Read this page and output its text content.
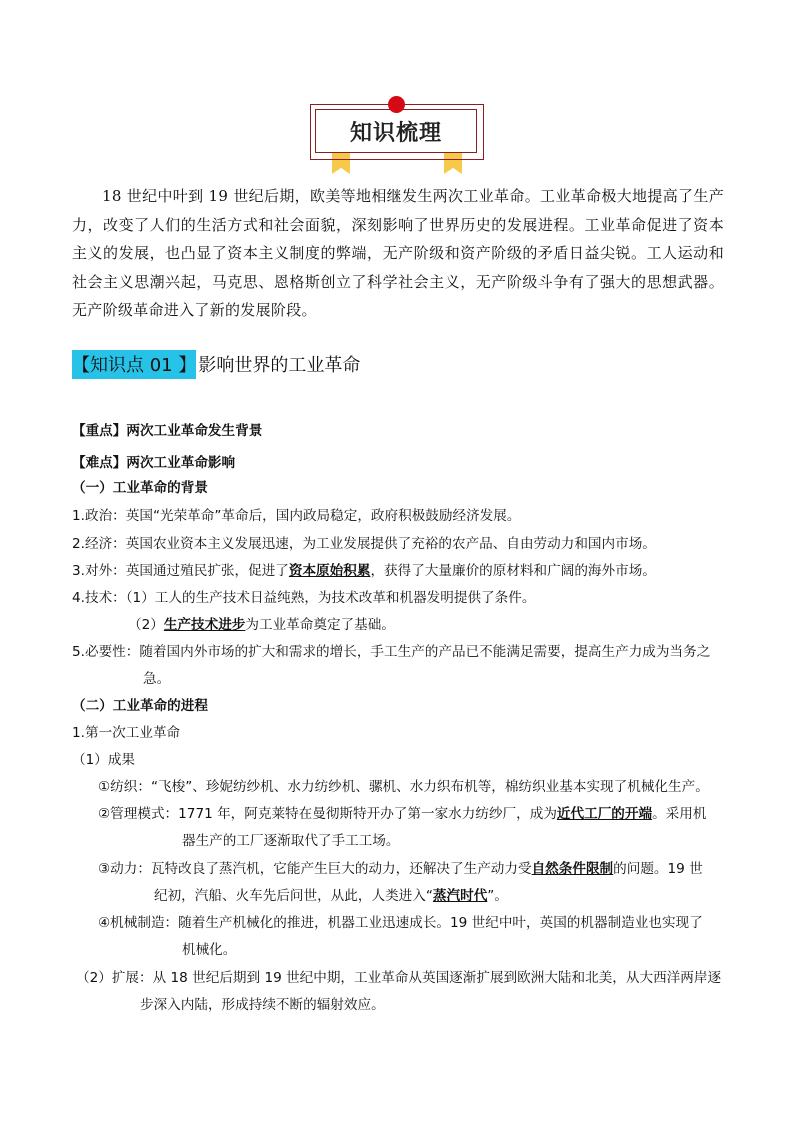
知识梳理

18 世纪中叶到 19 世纪后期，欧美等地相继发生两次工业革命。工业革命极大地提高了生产力，改变了人们的生活方式和社会面貌，深刻影响了世界历史的发展进程。工业革命促进了资本主义的发展，也凸显了资本主义制度的弊端，无产阶级和资产阶级的矛盾日益尖锐。工人运动和社会主义思潮兴起，马克思、恩格斯创立了科学社会主义，无产阶级斗争有了强大的思想武器。无产阶级革命进入了新的发展阶段。

【知识点 01 】 影响世界的工业革命
【重点】两次工业革命发生背景
【难点】两次工业革命影响
（一）工业革命的背景
1.政治：英国“光荣革命”革命后，国内政局稳定，政府积极鼓励经济发展。
2.经济：英国农业资本主义发展迅速，为工业发展提供了充裕的农产品、自由劳动力和国内市场。
3.对外：英国通过殖民扩张，促进了资本原始积累，获得了大量廉价的原材料和广阔的海外市场。
4.技术：（1）工人的生产技术日益纯熟，为技术改革和机器发明提供了条件。
（2）生产技术进步为工业革命奠定了基础。
5.必要性：随着国内外市场的扩大和需求的增长，手工生产的产品已不能满足需要，提高生产力成为当务之
急。
（二）工业革命的进程
1.第一次工业革命
（1）成果
①纺织：“飞梭”、珍妮纺纱机、水力纺纱机、骡机、水力织布机等，棉纺织业基本实现了机械化生产。
②管理模式：1771 年，阿克莱特在曼彻斯特开办了第一家水力纺纱厂，成为近代工厂的开端。采用机
器生产的工厂逐渐取代了手工工场。
③动力：瓦特改良了蒸汽机，它能产生巨大的动力，还解决了生产动力受自然条件限制的问题。19 世
纪初，汽船、火车先后问世，从此，人类进入“蒸汽时代”。
④机械制造：随着生产机械化的推进，机器工业迅速成长。19 世纪中叶，英国的机器制造业也实现了
机械化。
（2）扩展：从 18 世纪后期到 19 世纪中期，工业革命从英国逐渐扩展到欧洲大陆和北美，从大西洋两岸逐
步深入内陆，形成持续不断的辐射效应。
